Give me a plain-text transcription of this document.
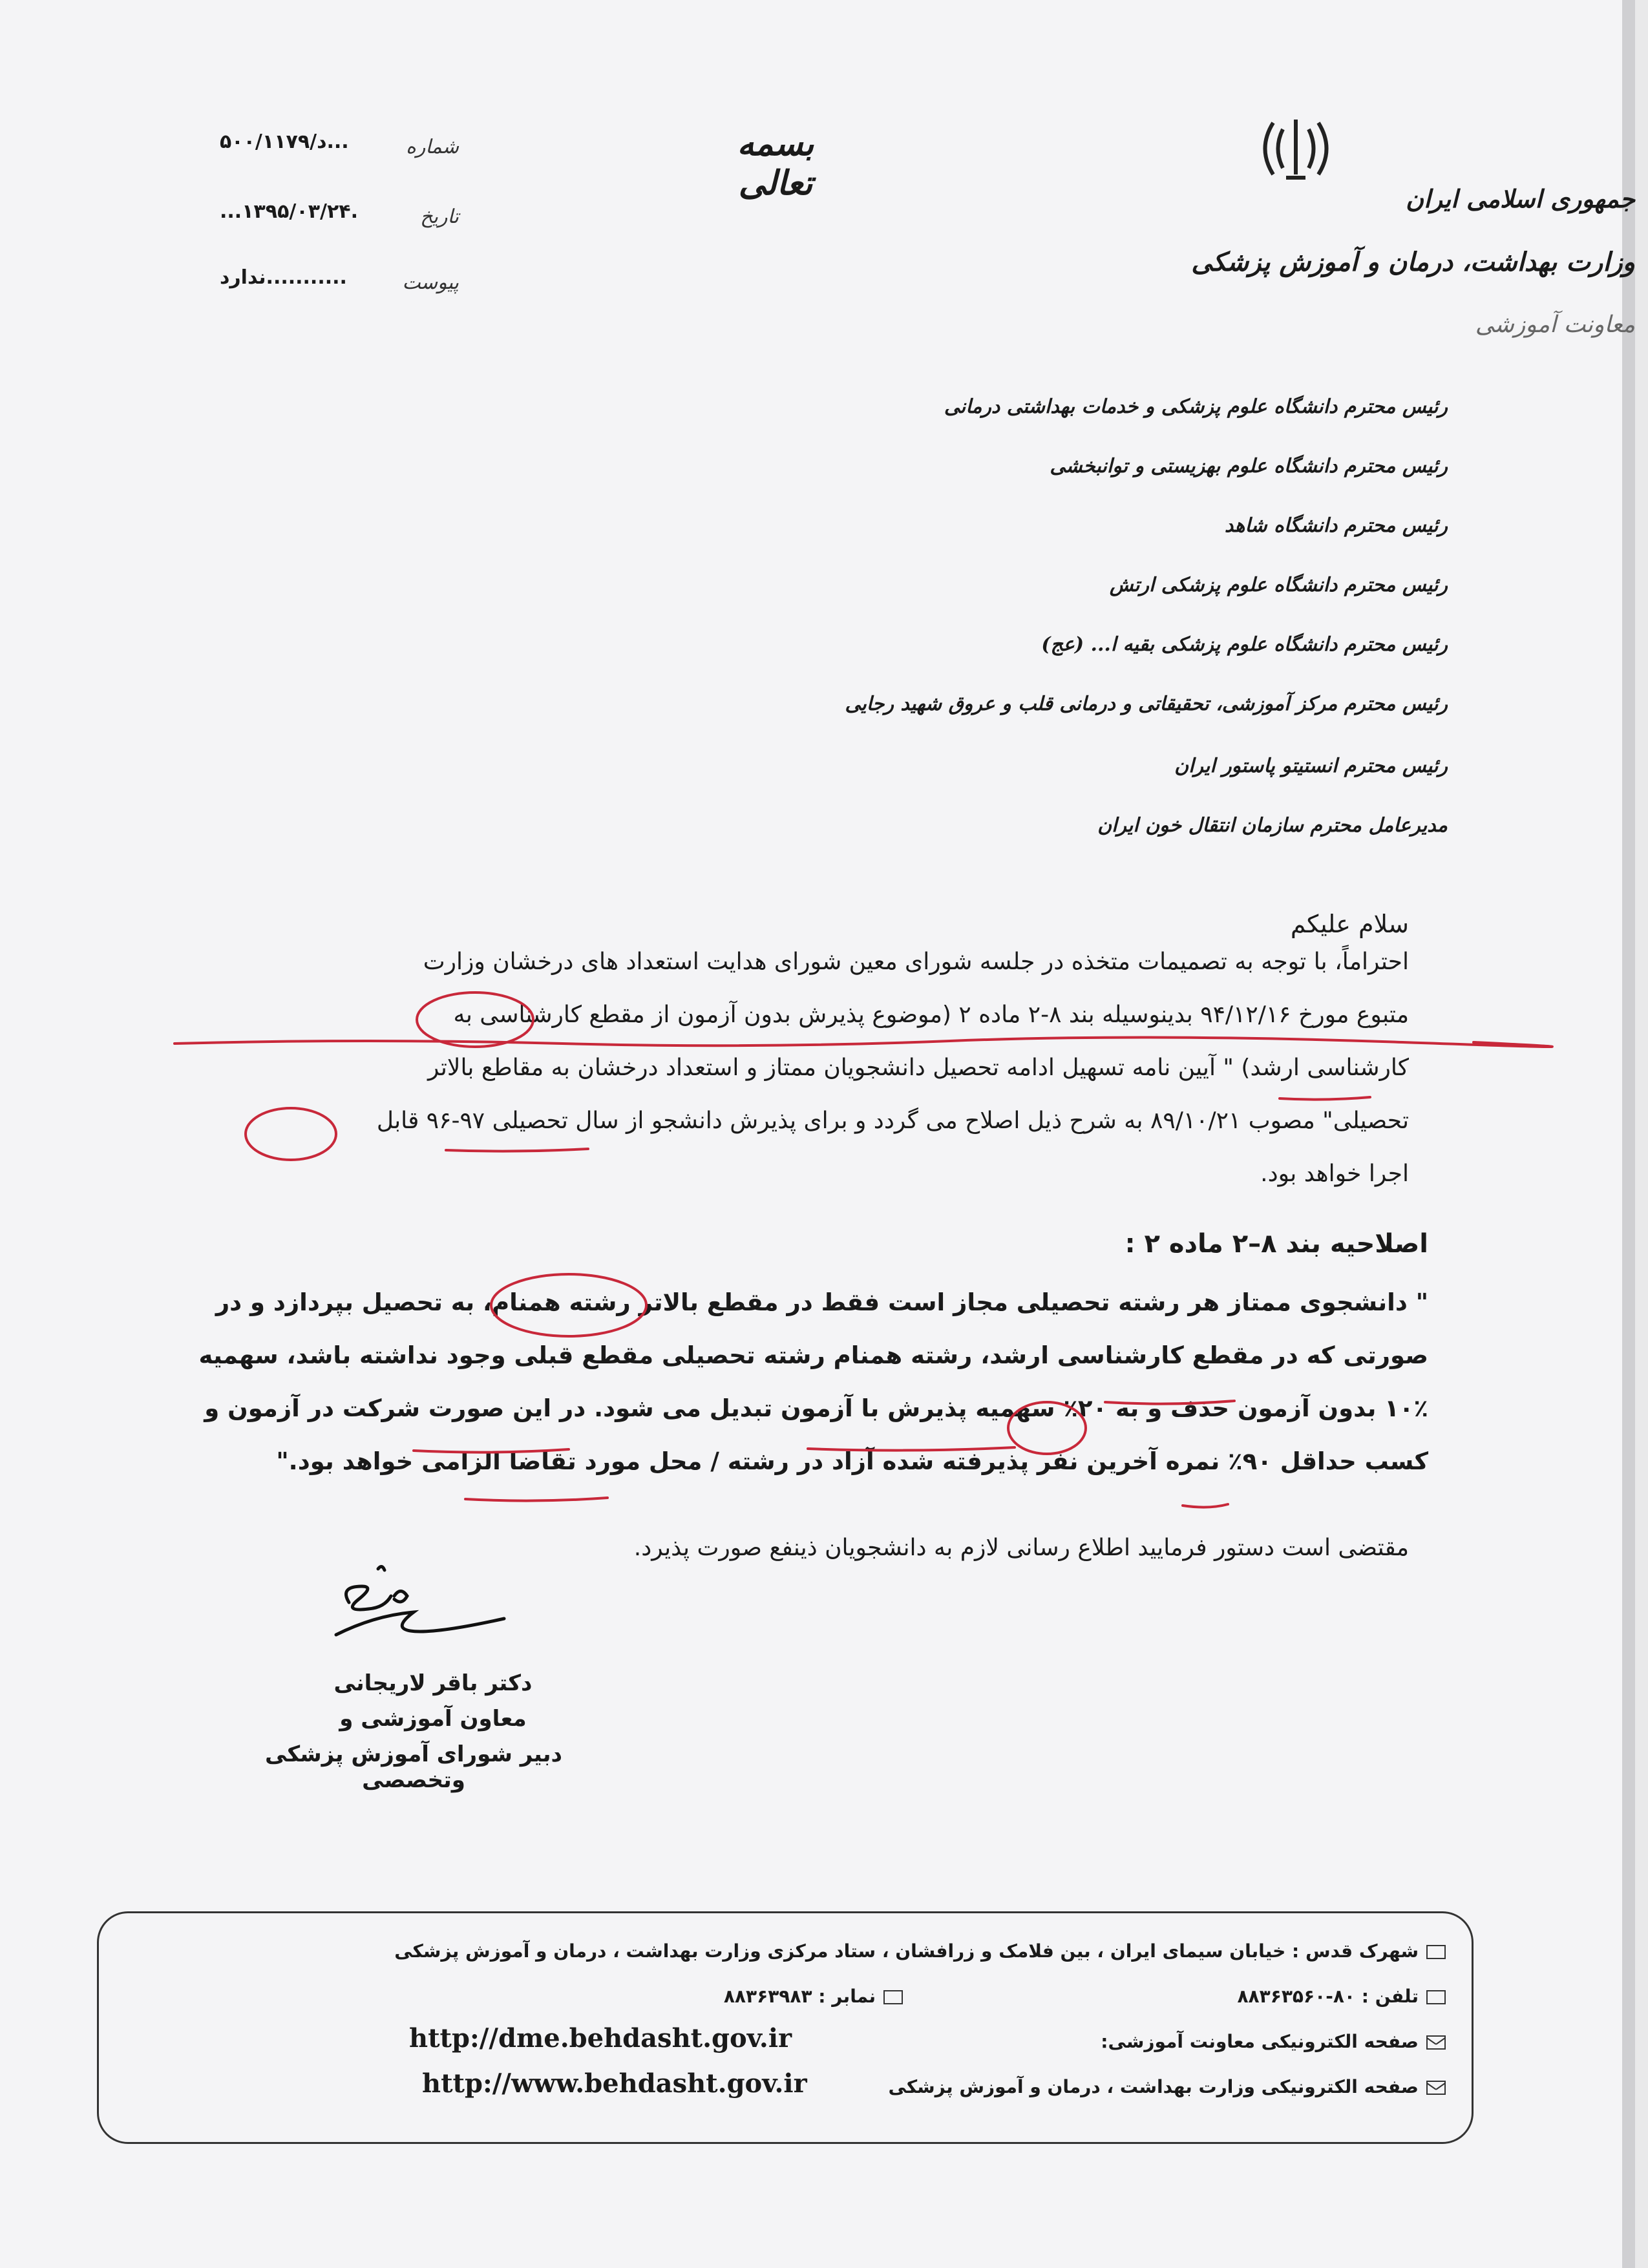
جمهوری اسلامی ایران
وزارت بهداشت، درمان و آموزش پزشکی
معاونت آموزشی
بسمه تعالی
شماره
د/۵۰۰/۱۱۷۹...
تاریخ
...۱۳۹۵/۰۳/۲۴.
پیوست
ندارد...........
رئیس محترم دانشگاه علوم پزشکی و خدمات بهداشتی درمانی
رئیس محترم دانشگاه علوم بهزیستی و توانبخشی
رئیس محترم دانشگاه شاهد
رئیس محترم دانشگاه علوم پزشکی ارتش
رئیس محترم دانشگاه علوم پزشکی بقیه ا... (عج)
رئیس محترم مرکز آموزشی، تحقیقاتی و درمانی قلب و عروق شهید رجایی
رئیس محترم انستیتو پاستور ایران
مدیرعامل محترم سازمان انتقال خون ایران
سلام علیکم
احتراماً، با توجه به تصمیمات متخذه در جلسه شورای معین شورای هدایت استعداد های درخشان وزارت
متبوع مورخ ۹۴/۱۲/۱۶ بدینوسیله بند ۸-۲ ماده ۲ (موضوع پذیرش بدون آزمون از مقطع کارشناسی به
کارشناسی ارشد) " آیین نامه تسهیل ادامه تحصیل دانشجویان ممتاز و استعداد درخشان به مقاطع بالاتر
تحصیلی" مصوب ۸۹/۱۰/۲۱ به شرح ذیل اصلاح می گردد و برای پذیرش دانشجو از سال تحصیلی ۹۷-۹۶ قابل
اجرا خواهد بود.
اصلاحیه بند ۸–۲ ماده ۲ :
" دانشجوی ممتاز هر رشته تحصیلی مجاز است فقط در مقطع بالاتر رشته همنام، به تحصیل بپردازد و در
صورتی که در مقطع کارشناسی ارشد، رشته همنام رشته تحصیلی مقطع قبلی وجود نداشته باشد، سهمیه
۱۰٪ بدون آزمون حذف و به ۲۰٪ سهمیه پذیرش با آزمون تبدیل می شود. در این صورت شرکت در آزمون و
کسب حداقل ۹۰٪ نمره آخرین نفر پذیرفته شده آزاد در رشته / محل مورد تقاضا الزامی خواهد بود."
مقتضی است دستور فرمایید اطلاع رسانی لازم به دانشجویان ذینفع صورت پذیرد.
دکتر باقر لاریجانی
معاون آموزشی و
دبیر شورای آموزش پزشکی وتخصصی
شهرک قدس : خیابان سیمای ایران ، بین فلامک و زرافشان ، ستاد مرکزی وزارت بهداشت ، درمان و آموزش پزشکی
تلفن : ۸۰-۸۸۳۶۳۵۶۰
نمابر : ۸۸۳۶۳۹۸۳
صفحه الکترونیکی معاونت آموزشی:
http://dme.behdasht.gov.ir
صفحه الکترونیکی وزارت بهداشت ، درمان و آموزش پزشکی
http://www.behdasht.gov.ir
